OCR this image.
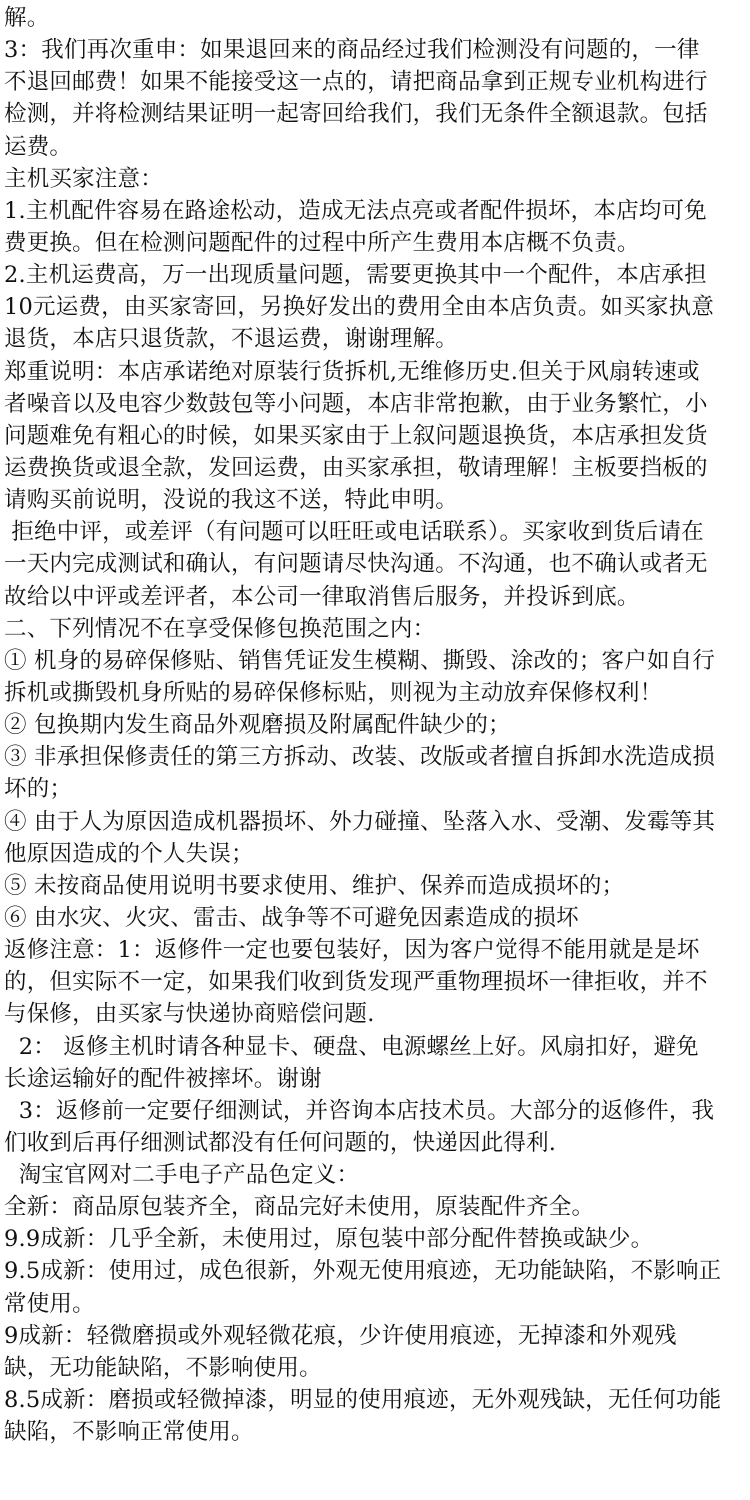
解。
3：我们再次重申：如果退回来的商品经过我们检测没有问题的，一律
不退回邮费！如果不能接受这一点的，请把商品拿到正规专业机构进行
检测，并将检测结果证明一起寄回给我们，我们无条件全额退款。包括
运费。
主机买家注意：
1.主机配件容易在路途松动，造成无法点亮或者配件损坏，本店均可免
费更换。但在检测问题配件的过程中所产生费用本店概不负责。
2.主机运费高，万一出现质量问题，需要更换其中一个配件，本店承担
10元运费，由买家寄回，另换好发出的费用全由本店负责。如买家执意
退货，本店只退货款，不退运费，谢谢理解。
郑重说明：本店承诺绝对原装行货拆机,无维修历史.但关于风扇转速或
者噪音以及电容少数鼓包等小问题，本店非常抱歉，由于业务繁忙，小
问题难免有粗心的时候，如果买家由于上叙问题退换货，本店承担发货
运费换货或退全款，发回运费，由买家承担，敬请理解！主板要挡板的
请购买前说明，没说的我这不送，特此申明。
拒绝中评，或差评（有问题可以旺旺或电话联系）。买家收到货后请在
一天内完成测试和确认，有问题请尽快沟通。不沟通，也不确认或者无
故给以中评或差评者，本公司一律取消售后服务，并投诉到底。
二、下列情况不在享受保修包换范围之内：
① 机身的易碎保修贴、销售凭证发生模糊、撕毁、涂改的；客户如自行
拆机或撕毁机身所贴的易碎保修标贴，则视为主动放弃保修权利！
② 包换期内发生商品外观磨损及附属配件缺少的；
③ 非承担保修责任的第三方拆动、改装、改版或者擅自拆卸水洗造成损
坏的；
④ 由于人为原因造成机器损坏、外力碰撞、坠落入水、受潮、发霉等其
他原因造成的个人失误；
⑤ 未按商品使用说明书要求使用、维护、保养而造成损坏的；
⑥ 由水灾、火灾、雷击、战争等不可避免因素造成的损坏
返修注意：1：返修件一定也要包装好，因为客户觉得不能用就是是坏
的，但实际不一定，如果我们收到货发现严重物理损坏一律拒收，并不
与保修，由买家与快递协商赔偿问题.
2： 返修主机时请各种显卡、硬盘、电源螺丝上好。风扇扣好，避免
长途运输好的配件被摔坏。谢谢
3：返修前一定要仔细测试，并咨询本店技术员。大部分的返修件，我
们收到后再仔细测试都没有任何问题的，快递因此得利.
淘宝官网对二手电子产品色定义：
全新：商品原包装齐全，商品完好未使用，原装配件齐全。
9.9成新：几乎全新，未使用过，原包装中部分配件替换或缺少。
9.5成新：使用过，成色很新，外观无使用痕迹，无功能缺陷，不影响正
常使用。
9成新：轻微磨损或外观轻微花痕，少许使用痕迹，无掉漆和外观残
缺，无功能缺陷，不影响使用。
8.5成新：磨损或轻微掉漆，明显的使用痕迹，无外观残缺，无任何功能
缺陷，不影响正常使用。
